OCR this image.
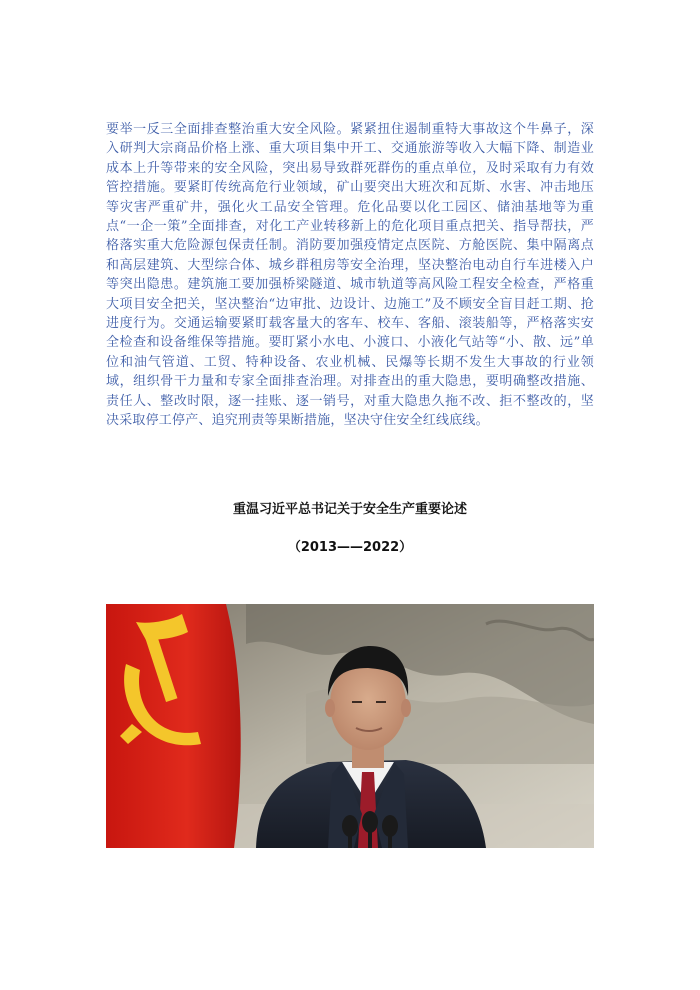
要举一反三全面排查整治重大安全风险。紧紧扭住遏制重特大事故这个牛鼻子，深入研判大宗商品价格上涨、重大项目集中开工、交通旅游等收入大幅下降、制造业成本上升等带来的安全风险，突出易导致群死群伤的重点单位，及时采取有力有效管控措施。要紧盯传统高危行业领域，矿山要突出大班次和瓦斯、水害、冲击地压等灾害严重矿井，强化火工品安全管理。危化品要以化工园区、储油基地等为重点“一企一策”全面排查，对化工产业转移新上的危化项目重点把关、指导帮扶，严格落实重大危险源包保责任制。消防要加强疫情定点医院、方舱医院、集中隔离点和高层建筑、大型综合体、城乡群租房等安全治理，坚决整治电动自行车进楼入户等突出隐患。建筑施工要加强桥梁隧道、城市轨道等高风险工程安全检查，严格重大项目安全把关，坚决整治“边审批、边设计、边施工”及不顾安全盲目赶工期、抢进度行为。交通运输要紧盯载客量大的客车、校车、客船、滚装船等，严格落实安全检查和设备维保等措施。要盯紧小水电、小渡口、小液化气站等“小、散、远”单位和油气管道、工贸、特种设备、农业机械、民爆等长期不发生大事故的行业领域，组织骨干力量和专家全面排查治理。对排查出的重大隐患，要明确整改措施、责任人、整改时限，逐一挂账、逐一销号，对重大隐患久拖不改、拒不整改的，坚决采取停工停产、追究刑责等果断措施，坚决守住安全红线底线。

重温习近平总书记关于安全生产重要论述

（2013——2022）
